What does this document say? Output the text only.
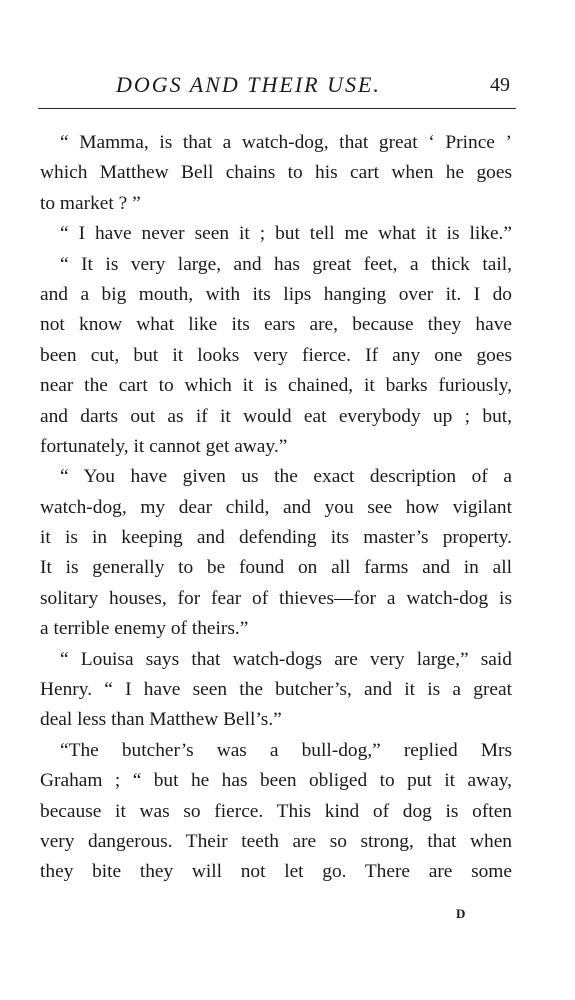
DOGS AND THEIR USE.	49
“ Mamma, is that a watch-dog, that great ‘ Prince ’
which Matthew Bell chains to his cart when he goes
to market ? ”
“ I have never seen it ; but tell me what it is like.”
“ It is very large, and has great feet, a thick tail,
and a big mouth, with its lips hanging over it. I do
not know what like its ears are, because they have
been cut, but it looks very fierce. If any one goes
near the cart to which it is chained, it barks furiously,
and darts out as if it would eat everybody up ; but,
fortunately, it cannot get away.”
“ You have given us the exact description of a
watch-dog, my dear child, and you see how vigilant
it is in keeping and defending its master’s property.
It is generally to be found on all farms and in all
solitary houses, for fear of thieves—for a watch-dog is
a terrible enemy of theirs.”
“ Louisa says that watch-dogs are very large,” said
Henry. “ I have seen the butcher’s, and it is a great
deal less than Matthew Bell’s.”
“The butcher’s was a bull-dog,” replied Mrs
Graham ; “ but he has been obliged to put it away,
because it was so fierce. This kind of dog is often
very dangerous. Their teeth are so strong, that when
they bite they will not let go. There are some
D
